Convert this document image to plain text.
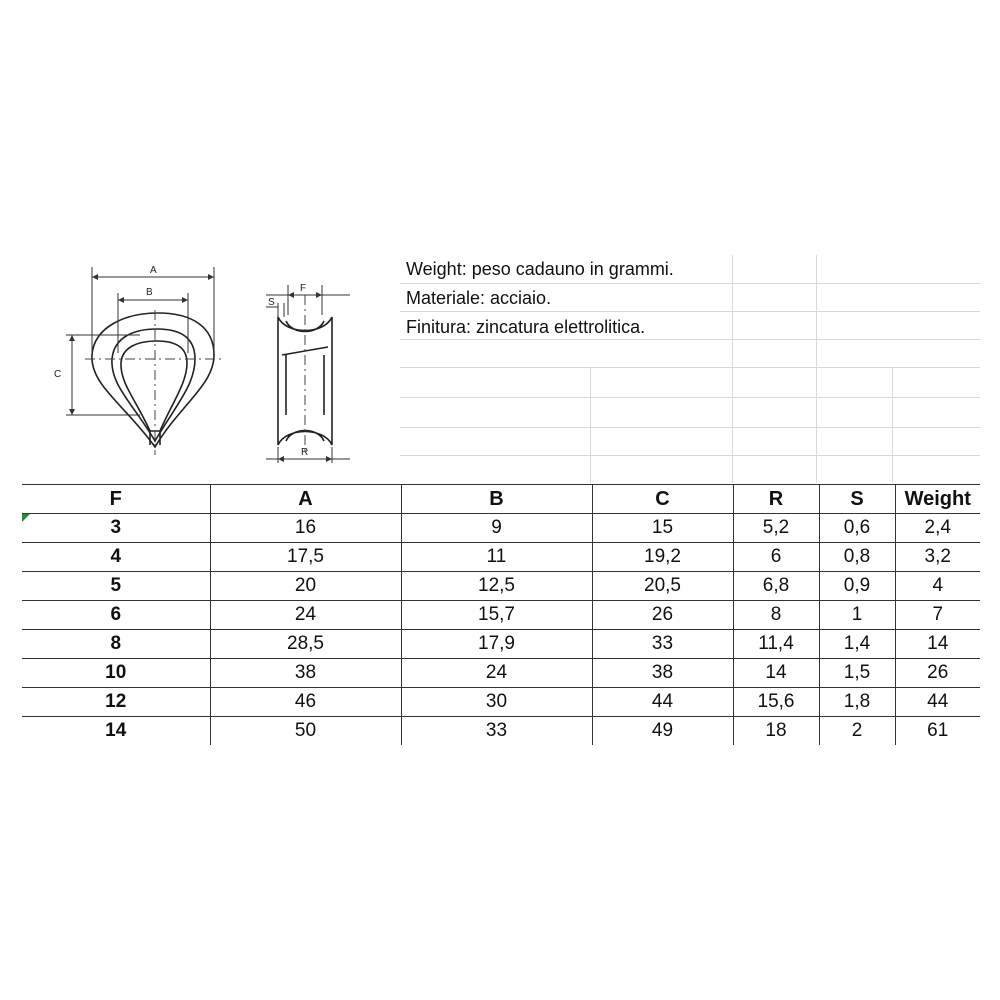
A
B
C
F
S
R
Weight: peso cadauno in grammi.
Materiale: acciaio.
Finitura: zincatura elettrolitica.
F	A	B	C	R	S	Weight

3	16	9	15	5,2	0,6	2,4
4	17,5	11	19,2	6	0,8	3,2
5	20	12,5	20,5	6,8	0,9	4
6	24	15,7	26	8	1	7
8	28,5	17,9	33	11,4	1,4	14
10	38	24	38	14	1,5	26
12	46	30	44	15,6	1,8	44
14	50	33	49	18	2	61
